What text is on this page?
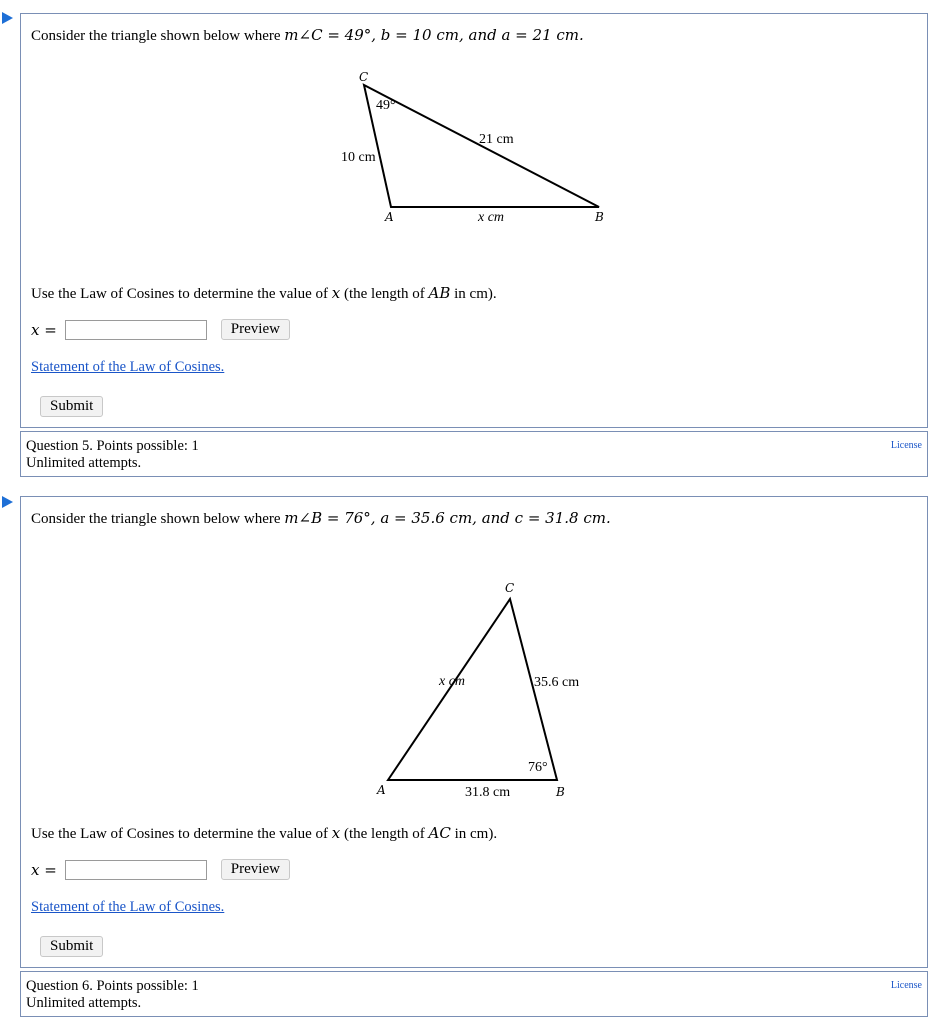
Consider the triangle shown below where m∠C = 49°, b = 10 cm, and a = 21 cm.
C
A	B
49°
10 cm
21 cm
x cm
Use the Law of Cosines to determine the value of x (the length of AB in cm).
x =	Preview
Statement of the Law of Cosines.
Submit
Question 5. Points possible: 1
Unlimited attempts.
License
Consider the triangle shown below where m∠B = 76°, a = 35.6 cm, and c = 31.8 cm.
C
A	B
76°
35.6 cm
x cm
31.8 cm
Use the Law of Cosines to determine the value of x (the length of AC in cm).
x =	Preview
Statement of the Law of Cosines.
Submit
Question 6. Points possible: 1
Unlimited attempts.
License
